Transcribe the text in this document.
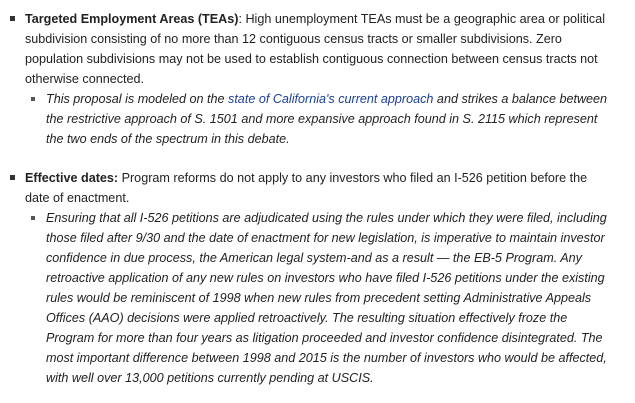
Targeted Employment Areas (TEAs): High unemployment TEAs must be a geographic area or political subdivision consisting of no more than 12 contiguous census tracts or smaller subdivisions. Zero population subdivisions may not be used to establish contiguous connection between census tracts not otherwise connected.
This proposal is modeled on the state of California's current approach and strikes a balance between the restrictive approach of S. 1501 and more expansive approach found in S. 2115 which represent the two ends of the spectrum in this debate.
Effective dates: Program reforms do not apply to any investors who filed an I-526 petition before the date of enactment.
Ensuring that all I-526 petitions are adjudicated using the rules under which they were filed, including those filed after 9/30 and the date of enactment for new legislation, is imperative to maintain investor confidence in due process, the American legal system-and as a result — the EB-5 Program. Any retroactive application of any new rules on investors who have filed I-526 petitions under the existing rules would be reminiscent of 1998 when new rules from precedent setting Administrative Appeals Offices (AAO) decisions were applied retroactively. The resulting situation effectively froze the Program for more than four years as litigation proceeded and investor confidence disintegrated. The most important difference between 1998 and 2015 is the number of investors who would be affected, with well over 13,000 petitions currently pending at USCIS.
